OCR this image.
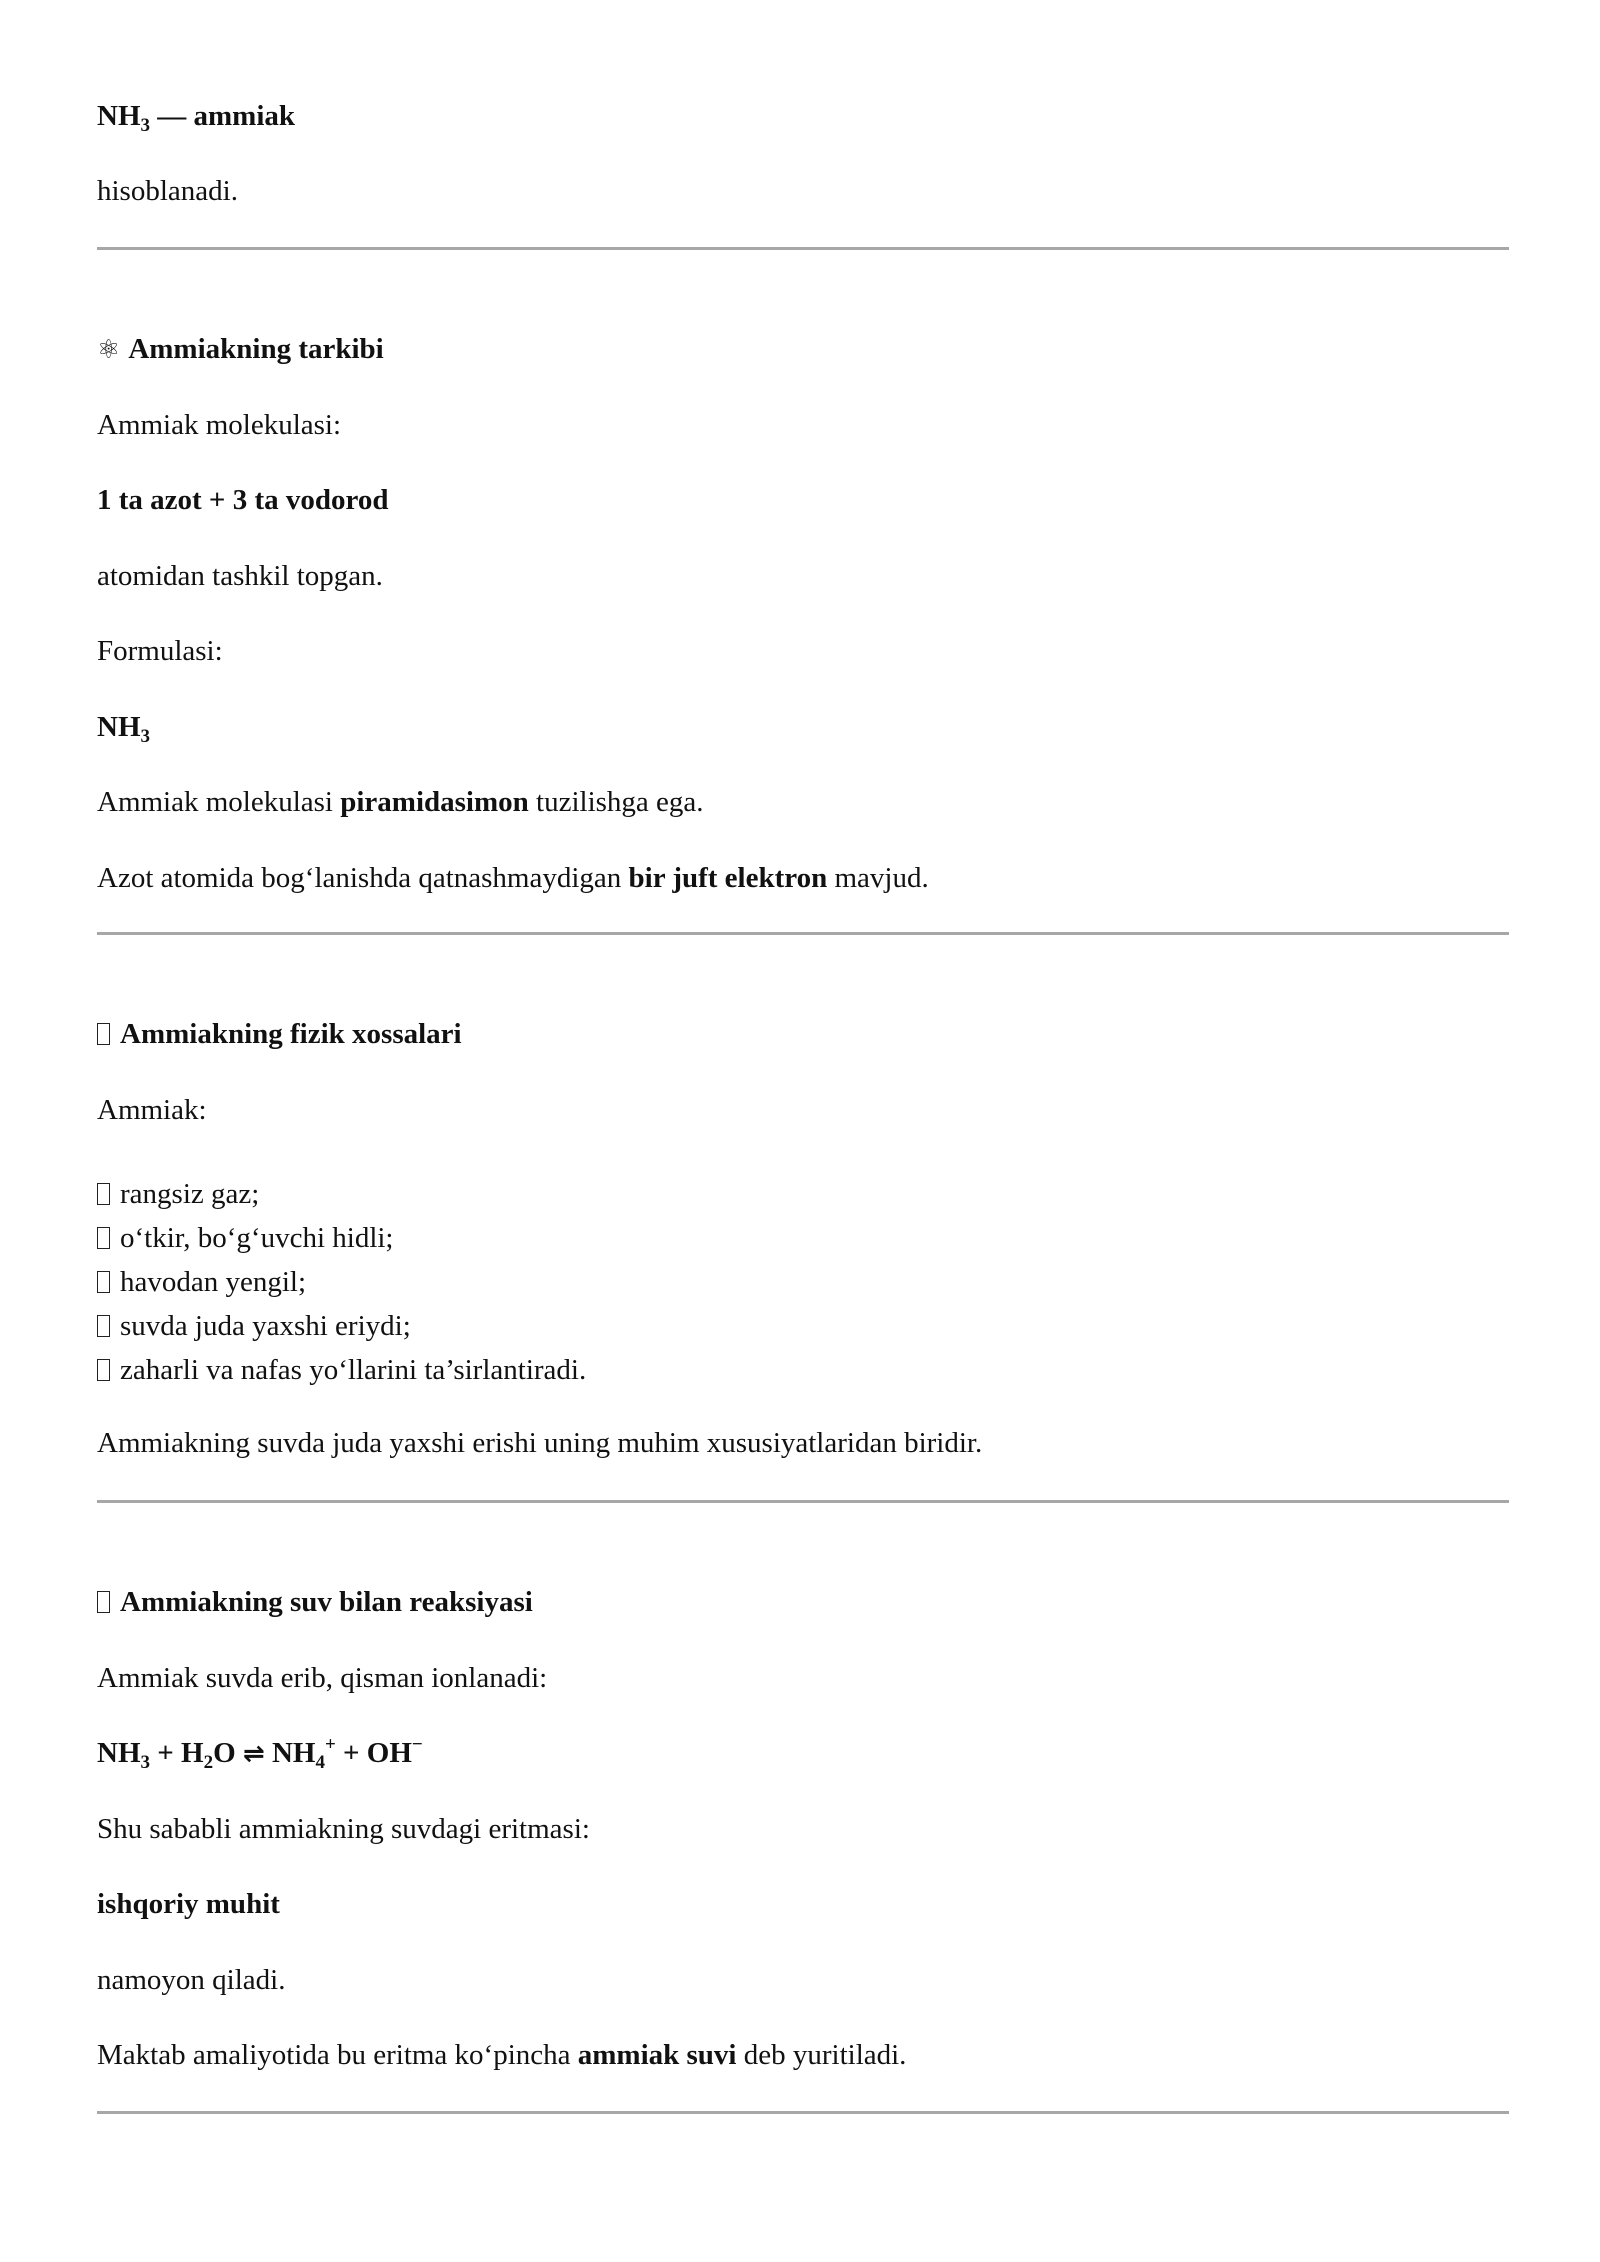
$NH_3$ — ammiak

hisoblanadi.

⚛ Ammiakning tarkibi

Ammiak molekulasi:

1 ta azot + 3 ta vodorod

atomidan tashkil topgan.

Formulasi:

$NH_3$

Ammiak molekulasi piramidasimon tuzilishga ega.

Azot atomida bog‘lanishda qatnashmaydigan bir juft elektron mavjud.

Ammiakning fizik xossalari

Ammiak:

rangsiz gaz;
o‘tkir, bo‘g‘uvchi hidli;
havodan yengil;
suvda juda yaxshi eriydi;
zaharli va nafas yo‘llarini ta’sirlantiradi.

Ammiakning suvda juda yaxshi erishi uning muhim xususiyatlaridan biridir.

Ammiakning suv bilan reaksiyasi

Ammiak suvda erib, qisman ionlanadi:

$NH_3 + H_2O$ ⇌ $NH_4^+ + OH^-$

Shu sababli ammiakning suvdagi eritmasi:

ishqoriy muhit

namoyon qiladi.

Maktab amaliyotida bu eritma ko‘pincha ammiak suvi deb yuritiladi.
